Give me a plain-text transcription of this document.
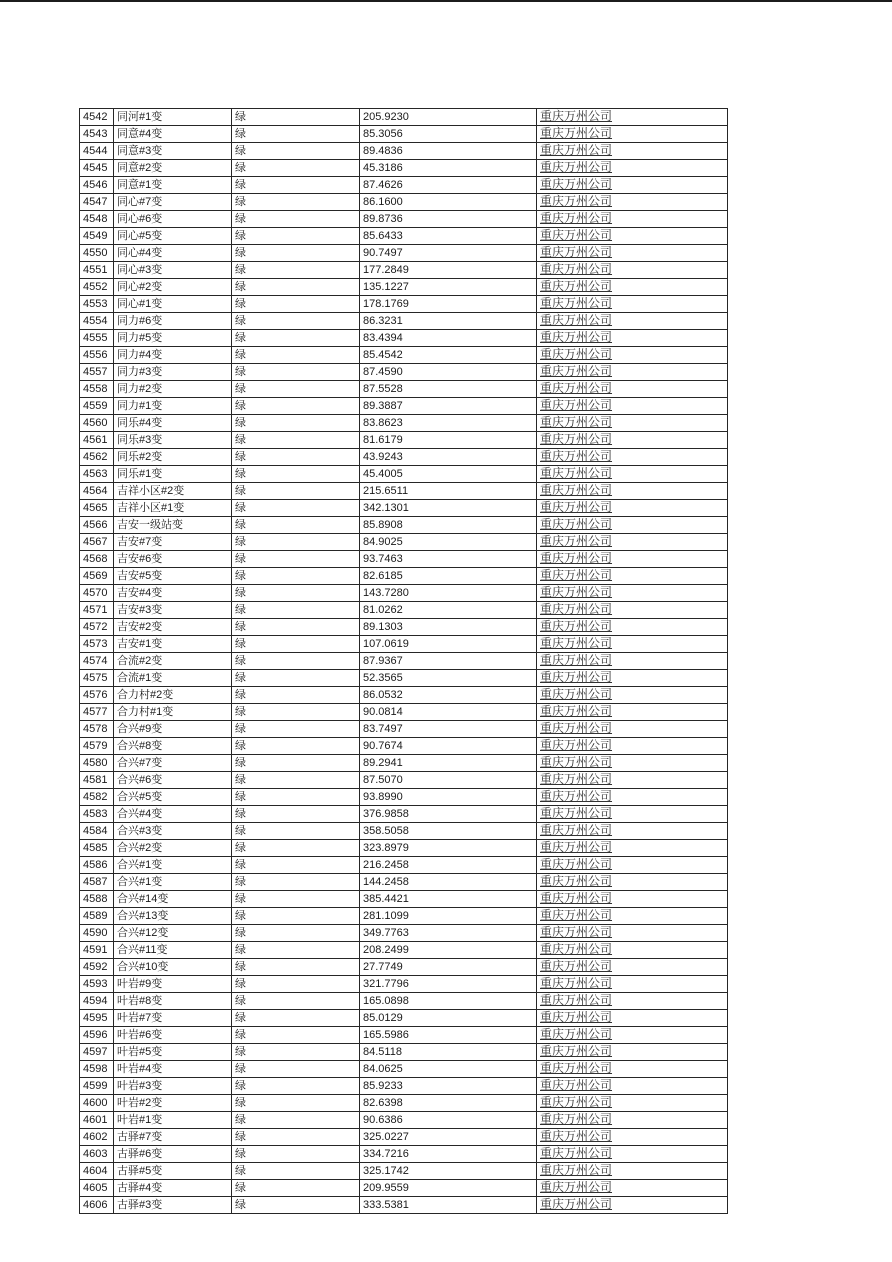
4542	同河#1变	绿	205.9230	重庆万州公司
4543	同意#4变	绿	85.3056	重庆万州公司
4544	同意#3变	绿	89.4836	重庆万州公司
4545	同意#2变	绿	45.3186	重庆万州公司
4546	同意#1变	绿	87.4626	重庆万州公司
4547	同心#7变	绿	86.1600	重庆万州公司
4548	同心#6变	绿	89.8736	重庆万州公司
4549	同心#5变	绿	85.6433	重庆万州公司
4550	同心#4变	绿	90.7497	重庆万州公司
4551	同心#3变	绿	177.2849	重庆万州公司
4552	同心#2变	绿	135.1227	重庆万州公司
4553	同心#1变	绿	178.1769	重庆万州公司
4554	同力#6变	绿	86.3231	重庆万州公司
4555	同力#5变	绿	83.4394	重庆万州公司
4556	同力#4变	绿	85.4542	重庆万州公司
4557	同力#3变	绿	87.4590	重庆万州公司
4558	同力#2变	绿	87.5528	重庆万州公司
4559	同力#1变	绿	89.3887	重庆万州公司
4560	同乐#4变	绿	83.8623	重庆万州公司
4561	同乐#3变	绿	81.6179	重庆万州公司
4562	同乐#2变	绿	43.9243	重庆万州公司
4563	同乐#1变	绿	45.4005	重庆万州公司
4564	吉祥小区#2变	绿	215.6511	重庆万州公司
4565	吉祥小区#1变	绿	342.1301	重庆万州公司
4566	吉安一级站变	绿	85.8908	重庆万州公司
4567	吉安#7变	绿	84.9025	重庆万州公司
4568	吉安#6变	绿	93.7463	重庆万州公司
4569	吉安#5变	绿	82.6185	重庆万州公司
4570	吉安#4变	绿	143.7280	重庆万州公司
4571	吉安#3变	绿	81.0262	重庆万州公司
4572	吉安#2变	绿	89.1303	重庆万州公司
4573	吉安#1变	绿	107.0619	重庆万州公司
4574	合流#2变	绿	87.9367	重庆万州公司
4575	合流#1变	绿	52.3565	重庆万州公司
4576	合力村#2变	绿	86.0532	重庆万州公司
4577	合力村#1变	绿	90.0814	重庆万州公司
4578	合兴#9变	绿	83.7497	重庆万州公司
4579	合兴#8变	绿	90.7674	重庆万州公司
4580	合兴#7变	绿	89.2941	重庆万州公司
4581	合兴#6变	绿	87.5070	重庆万州公司
4582	合兴#5变	绿	93.8990	重庆万州公司
4583	合兴#4变	绿	376.9858	重庆万州公司
4584	合兴#3变	绿	358.5058	重庆万州公司
4585	合兴#2变	绿	323.8979	重庆万州公司
4586	合兴#1变	绿	216.2458	重庆万州公司
4587	合兴#1变	绿	144.2458	重庆万州公司
4588	合兴#14变	绿	385.4421	重庆万州公司
4589	合兴#13变	绿	281.1099	重庆万州公司
4590	合兴#12变	绿	349.7763	重庆万州公司
4591	合兴#11变	绿	208.2499	重庆万州公司
4592	合兴#10变	绿	27.7749	重庆万州公司
4593	叶岩#9变	绿	321.7796	重庆万州公司
4594	叶岩#8变	绿	165.0898	重庆万州公司
4595	叶岩#7变	绿	85.0129	重庆万州公司
4596	叶岩#6变	绿	165.5986	重庆万州公司
4597	叶岩#5变	绿	84.5118	重庆万州公司
4598	叶岩#4变	绿	84.0625	重庆万州公司
4599	叶岩#3变	绿	85.9233	重庆万州公司
4600	叶岩#2变	绿	82.6398	重庆万州公司
4601	叶岩#1变	绿	90.6386	重庆万州公司
4602	古驿#7变	绿	325.0227	重庆万州公司
4603	古驿#6变	绿	334.7216	重庆万州公司
4604	古驿#5变	绿	325.1742	重庆万州公司
4605	古驿#4变	绿	209.9559	重庆万州公司
4606	古驿#3变	绿	333.5381	重庆万州公司
